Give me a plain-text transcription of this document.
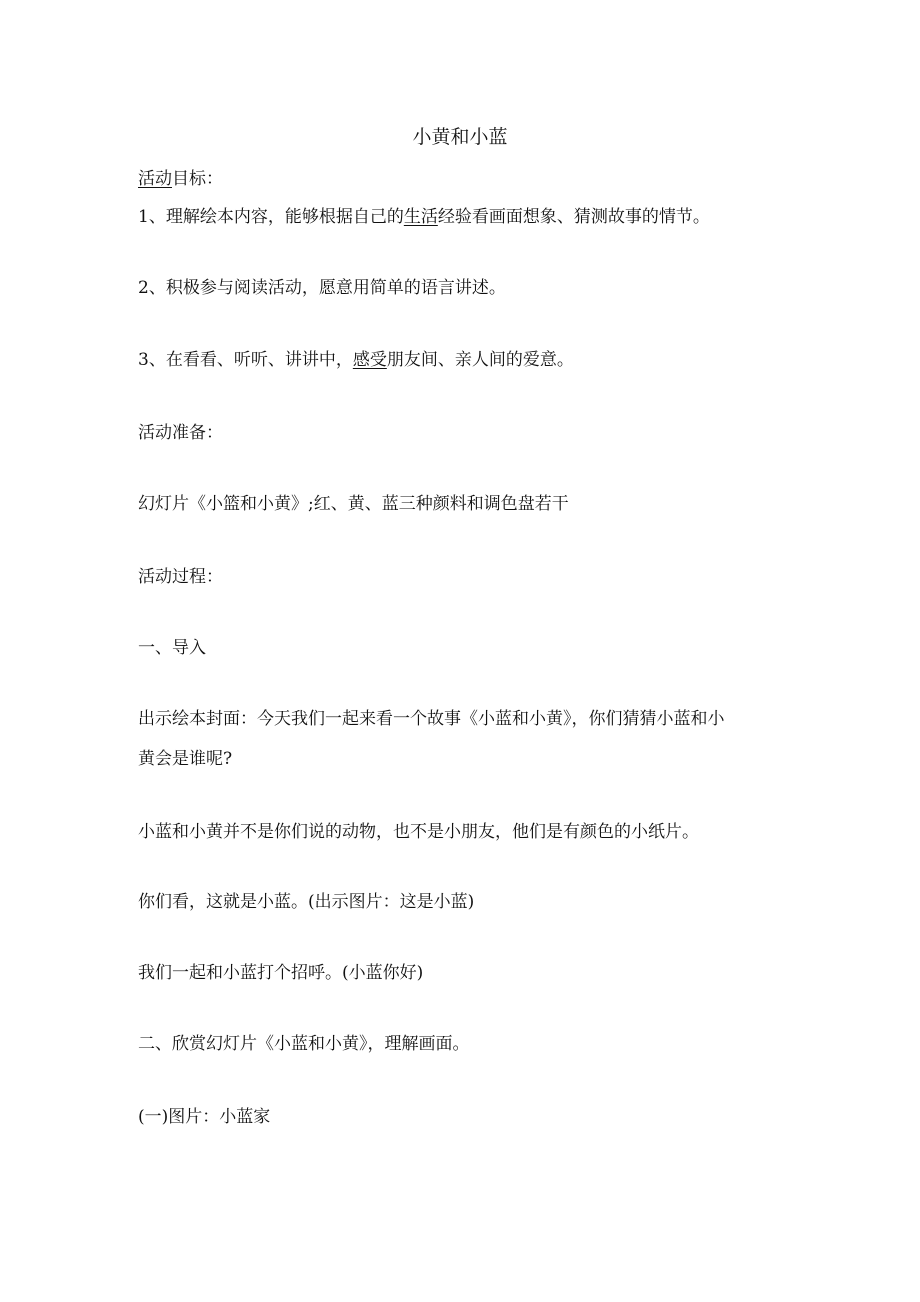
小黄和小蓝
活动目标：
1、理解绘本内容，能够根据自己的生活经验看画面想象、猜测故事的情节。
2、积极参与阅读活动，愿意用简单的语言讲述。
3、在看看、听听、讲讲中，感受朋友间、亲人间的爱意。
活动准备：
幻灯片《小篮和小黄》;红、黄、蓝三种颜料和调色盘若干
活动过程：
一、导入
出示绘本封面：今天我们一起来看一个故事《小蓝和小黄》，你们猜猜小蓝和小
黄会是谁呢?
小蓝和小黄并不是你们说的动物，也不是小朋友，他们是有颜色的小纸片。
你们看，这就是小蓝。(出示图片：这是小蓝)
我们一起和小蓝打个招呼。(小蓝你好)
二、欣赏幻灯片《小蓝和小黄》，理解画面。
(一)图片：小蓝家
